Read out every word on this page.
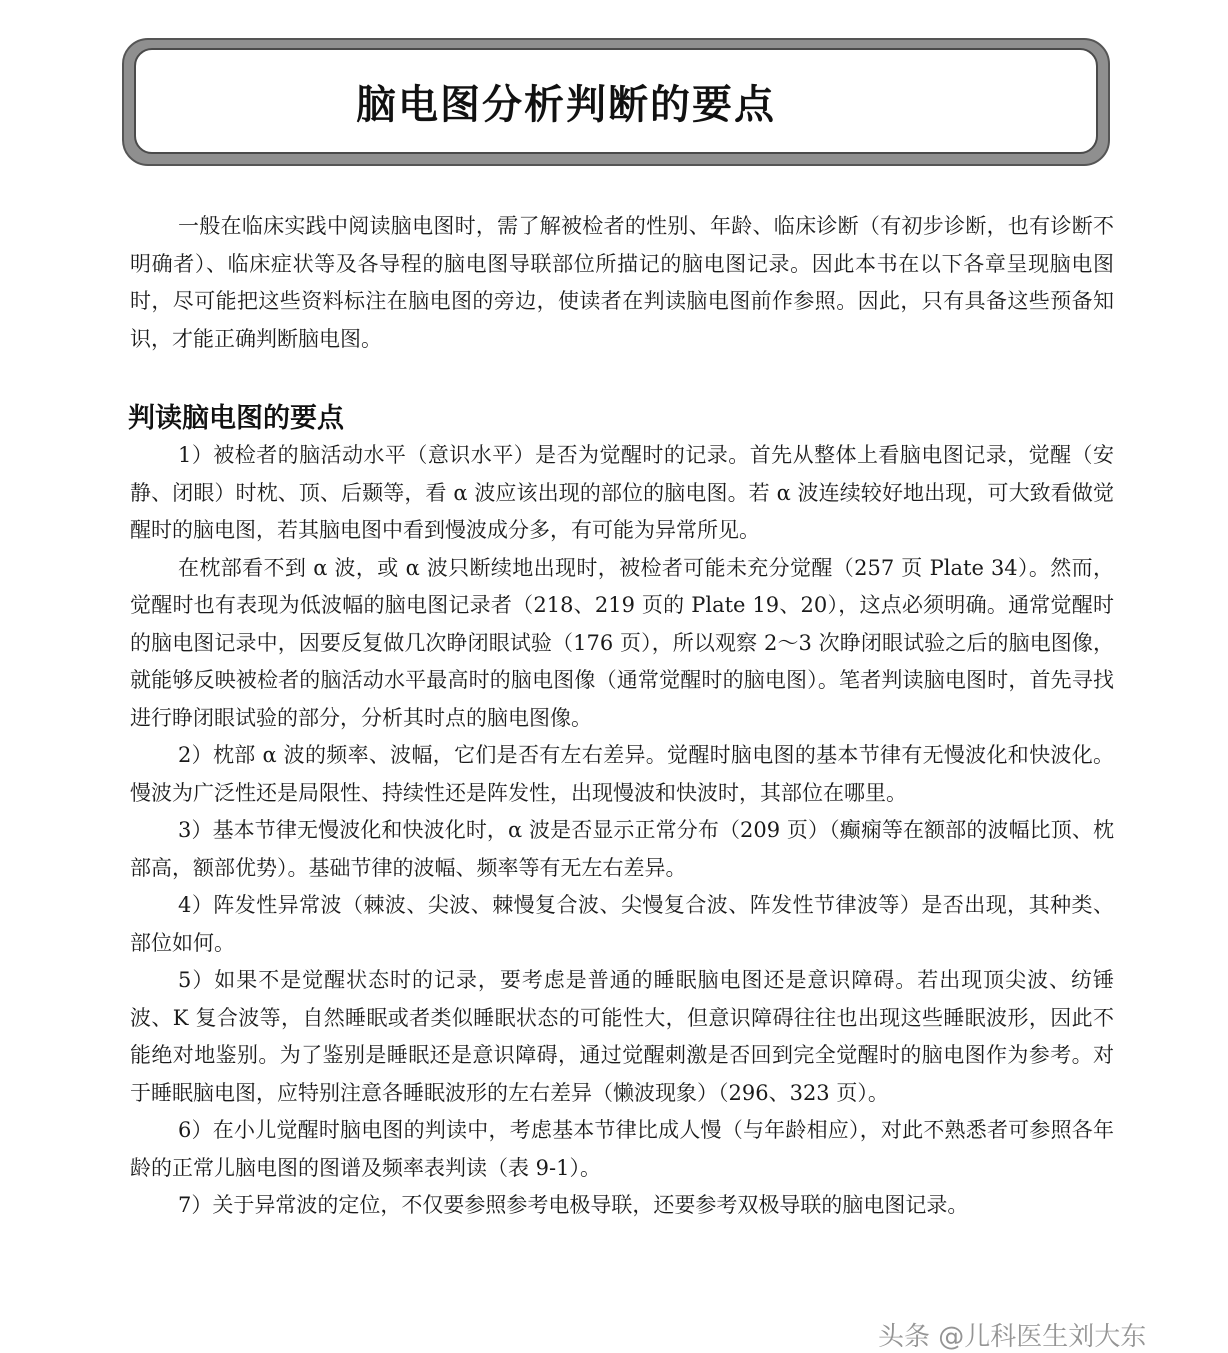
脑电图分析判断的要点

一般在临床实践中阅读脑电图时，需了解被检者的性别、年龄、临床诊断（有初步诊断，也有诊断不明确者）、临床症状等及各导程的脑电图导联部位所描记的脑电图记录。因此本书在以下各章呈现脑电图时，尽可能把这些资料标注在脑电图的旁边，使读者在判读脑电图前作参照。因此，只有具备这些预备知识，才能正确判断脑电图。

判读脑电图的要点

1）被检者的脑活动水平（意识水平）是否为觉醒时的记录。首先从整体上看脑电图记录，觉醒（安静、闭眼）时枕、顶、后颞等，看 α 波应该出现的部位的脑电图。若 α 波连续较好地出现，可大致看做觉醒时的脑电图，若其脑电图中看到慢波成分多，有可能为异常所见。

在枕部看不到 α 波，或 α 波只断续地出现时，被检者可能未充分觉醒（257 页 Plate 34）。然而，觉醒时也有表现为低波幅的脑电图记录者（218、219 页的 Plate 19、20），这点必须明确。通常觉醒时的脑电图记录中，因要反复做几次睁闭眼试验（176 页），所以观察 2～3 次睁闭眼试验之后的脑电图像，就能够反映被检者的脑活动水平最高时的脑电图像（通常觉醒时的脑电图）。笔者判读脑电图时，首先寻找进行睁闭眼试验的部分，分析其时点的脑电图像。

2）枕部 α 波的频率、波幅，它们是否有左右差异。觉醒时脑电图的基本节律有无慢波化和快波化。慢波为广泛性还是局限性、持续性还是阵发性，出现慢波和快波时，其部位在哪里。

3）基本节律无慢波化和快波化时，α 波是否显示正常分布（209 页）（癫痫等在额部的波幅比顶、枕部高，额部优势）。基础节律的波幅、频率等有无左右差异。

4）阵发性异常波（棘波、尖波、棘慢复合波、尖慢复合波、阵发性节律波等）是否出现，其种类、部位如何。

5）如果不是觉醒状态时的记录，要考虑是普通的睡眠脑电图还是意识障碍。若出现顶尖波、纺锤波、K 复合波等，自然睡眠或者类似睡眠状态的可能性大，但意识障碍往往也出现这些睡眠波形，因此不能绝对地鉴别。为了鉴别是睡眠还是意识障碍，通过觉醒刺激是否回到完全觉醒时的脑电图作为参考。对于睡眠脑电图，应特别注意各睡眠波形的左右差异（懒波现象）（296、323 页）。

6）在小儿觉醒时脑电图的判读中，考虑基本节律比成人慢（与年龄相应），对此不熟悉者可参照各年龄的正常儿脑电图的图谱及频率表判读（表 9-1）。

7）关于异常波的定位，不仅要参照参考电极导联，还要参考双极导联的脑电图记录。

头条 @儿科医生刘大东
